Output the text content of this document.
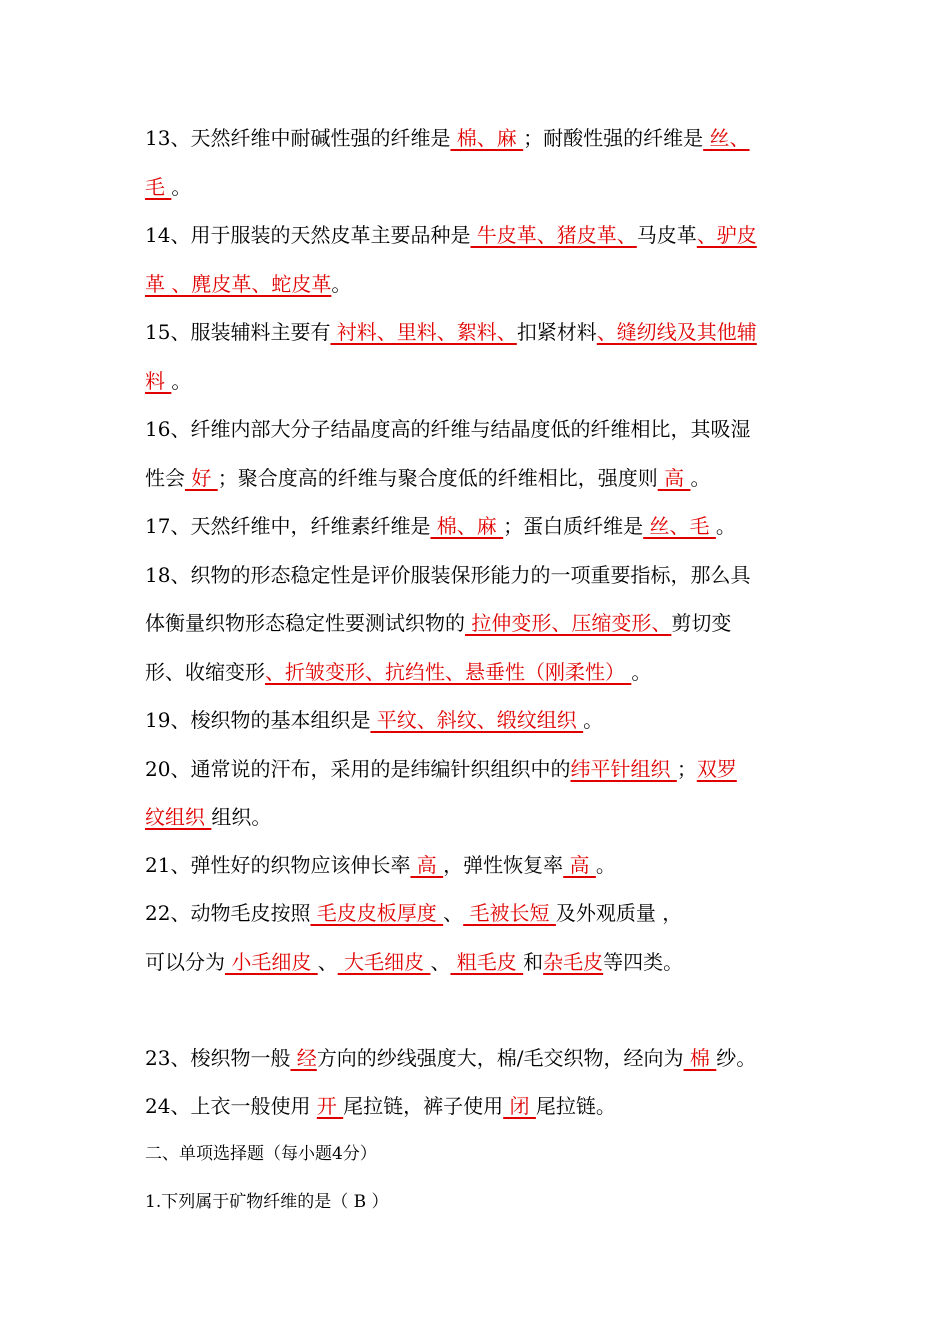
13、天然纤维中耐碱性强的纤维是 棉、麻 ；耐酸性强的纤维是 丝、
毛 。
14、用于服装的天然皮革主要品种是 牛皮革、猪皮革、马皮革、驴皮
革 、麂皮革、蛇皮革。
15、服装辅料主要有 衬料、里料、絮料、扣紧材料、缝纫线及其他辅
料 。
16、纤维内部大分子结晶度高的纤维与结晶度低的纤维相比，其吸湿
性会 好 ；聚合度高的纤维与聚合度低的纤维相比，强度则 高 。
17、天然纤维中，纤维素纤维是 棉、麻 ；蛋白质纤维是 丝、毛 。
18、织物的形态稳定性是评价服装保形能力的一项重要指标，那么具
体衡量织物形态稳定性要测试织物的 拉伸变形、压缩变形、剪切变
形、收缩变形、折皱变形、抗绉性、悬垂性（刚柔性） 。
19、梭织物的基本组织是 平纹、斜纹、缎纹组织 。
20、通常说的汗布，采用的是纬编针织组织中的纬平针组织 ；双罗
纹组织 组织。
21、弹性好的织物应该伸长率 高 ，弹性恢复率 高 。
22、动物毛皮按照 毛皮皮板厚度 、 毛被长短 及外观质量 ，
可以分为 小毛细皮 、 大毛细皮 、 粗毛皮 和杂毛皮等四类。
23、梭织物一般 经方向的纱线强度大，棉/毛交织物，经向为 棉 纱。
24、上衣一般使用 开 尾拉链，裤子使用 闭 尾拉链。
二、单项选择题（每小题4分）
1.下列属于矿物纤维的是（ B ）
